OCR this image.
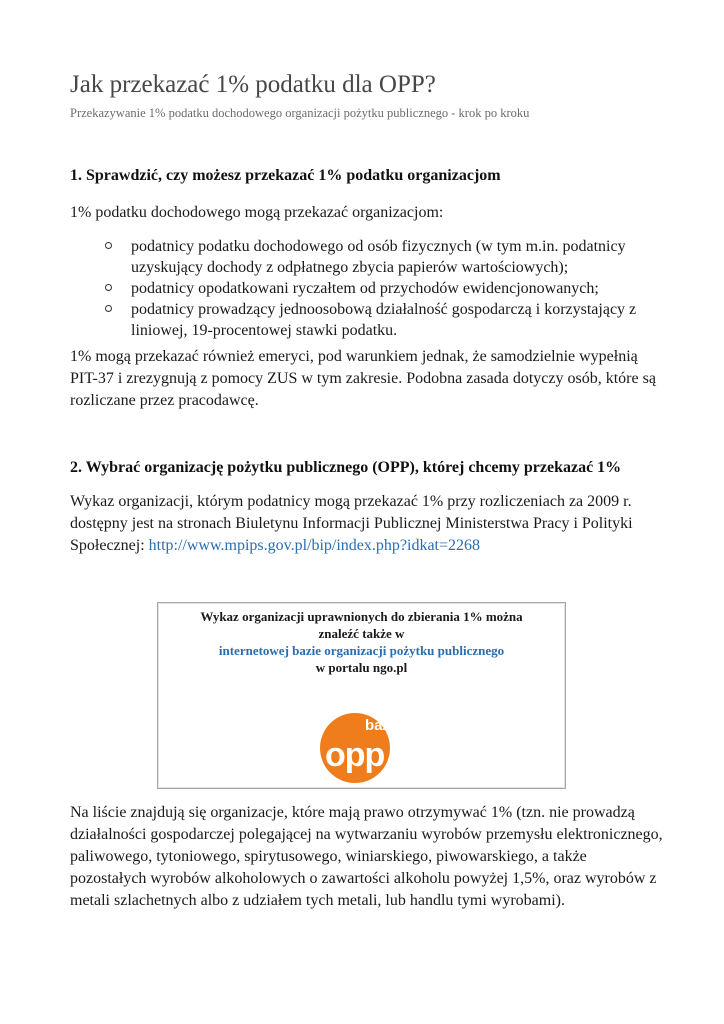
Jak przekazać 1% podatku dla OPP?

Przekazywanie 1% podatku dochodowego organizacji pożytku publicznego - krok po kroku

1. Sprawdzić, czy możesz przekazać 1% podatku organizacjom

1% podatku dochodowego mogą przekazać organizacjom:

podatnicy podatku dochodowego od osób fizycznych (w tym m.in. podatnicy uzyskujący dochody z odpłatnego zbycia papierów wartościowych);
podatnicy opodatkowani ryczałtem od przychodów ewidencjonowanych;
podatnicy prowadzący jednoosobową działalność gospodarczą i korzystający z liniowej, 19-procentowej stawki podatku.

1% mogą przekazać również emeryci, pod warunkiem jednak, że samodzielnie wypełnią PIT-37 i zrezygnują z pomocy ZUS w tym zakresie. Podobna zasada dotyczy osób, które są rozliczane przez pracodawcę.

2. Wybrać organizację pożytku publicznego (OPP), której chcemy przekazać 1%

Wykaz organizacji, którym podatnicy mogą przekazać 1% przy rozliczeniach za 2009 r. dostępny jest na stronach Biuletynu Informacji Publicznej Ministerstwa Pracy i Polityki Społecznej: http://www.mpips.gov.pl/bip/index.php?idkat=2268

Wykaz organizacji uprawnionych do zbierania 1% można
znaleźć także w
internetowej bazie organizacji pożytku publicznego
w portalu ngo.pl
baza
opp

Na liście znajdują się organizacje, które mają prawo otrzymywać 1% (tzn. nie prowadzą działalności gospodarczej polegającej na wytwarzaniu wyrobów przemysłu elektronicznego, paliwowego, tytoniowego, spirytusowego, winiarskiego, piwowarskiego, a także pozostałych wyrobów alkoholowych o zawartości alkoholu powyżej 1,5%, oraz wyrobów z metali szlachetnych albo z udziałem tych metali, lub handlu tymi wyrobami).
